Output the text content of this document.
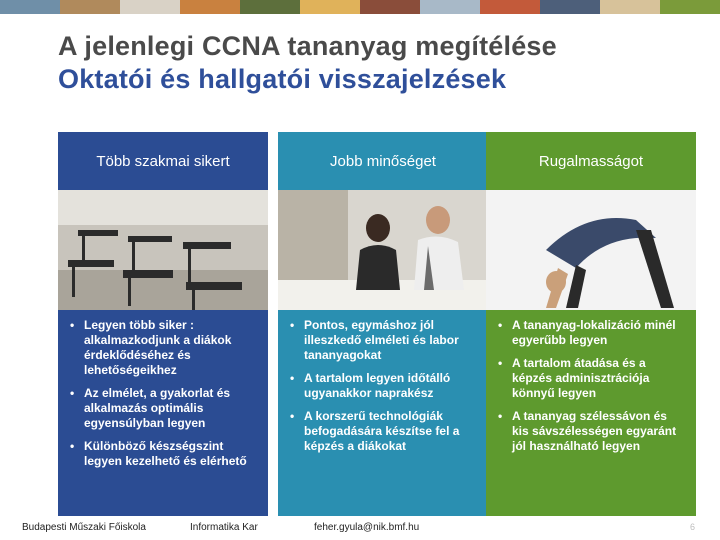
A jelenlegi CCNA tananyag megítélése
Oktatói és hallgatói visszajelzések
Több szakmai sikert
• Legyen több siker : alkalmazkodjunk a diákok érdeklődéséhez és lehetőségeikhez
• Az elmélet, a gyakorlat és alkalmazás optimális egyensúlyban legyen
• Különböző készségszint legyen kezelhető és elérhető
Jobb minőséget
• Pontos, egymáshoz jól illeszkedő elméleti és labor tananyagokat
• A tartalom legyen időtálló ugyanakkor naprakész
• A korszerű technológiák befogadására készítse fel a képzés a diákokat
Rugalmasságot
• A tananyag-lokalizáció minél egyerűbb legyen
• A tartalom átadása és a képzés adminisztrációja könnyű legyen
• A tananyag szélessávon és kis sávszélességen egyaránt jól használható legyen
Budapesti Műszaki Főiskola	Informatika Kar	feher.gyula@nik.bmf.hu	6
